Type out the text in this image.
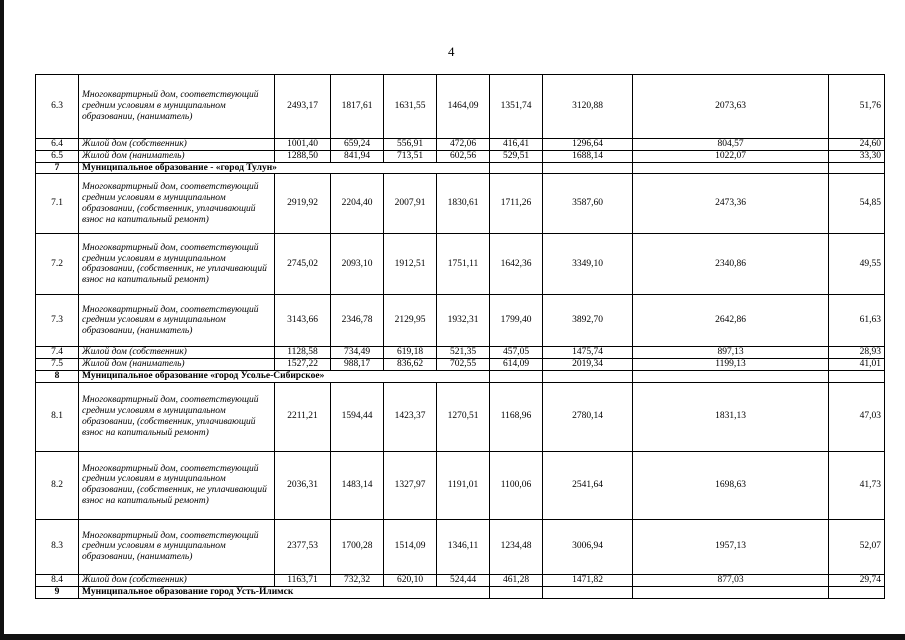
4
6.3	Многоквартирный дом, соответствующий средним условиям в муниципальном образовании, (наниматель)	2493,17	1817,61	1631,55	1464,09	1351,74	3120,88	2073,63	51,76
6.4	Жилой дом (собственник)	1001,40	659,24	556,91	472,06	416,41	1296,64	804,57	24,60
6.5	Жилой дом (наниматель)	1288,50	841,94	713,51	602,56	529,51	1688,14	1022,07	33,30
7	Муниципальное образование - «город Тулун»								
7.1	Многоквартирный дом, соответствующий средним условиям в муниципальном образовании, (собственник, уплачивающий взнос на капитальный ремонт)	2919,92	2204,40	2007,91	1830,61	1711,26	3587,60	2473,36	54,85
7.2	Многоквартирный дом, соответствующий средним условиям в муниципальном образовании, (собственник, не уплачивающий взнос на капитальный ремонт)	2745,02	2093,10	1912,51	1751,11	1642,36	3349,10	2340,86	49,55
7.3	Многоквартирный дом, соответствующий средним условиям в муниципальном образовании, (наниматель)	3143,66	2346,78	2129,95	1932,31	1799,40	3892,70	2642,86	61,63
7.4	Жилой дом (собственник)	1128,58	734,49	619,18	521,35	457,05	1475,74	897,13	28,93
7.5	Жилой дом (наниматель)	1527,22	988,17	836,62	702,55	614,09	2019,34	1199,13	41,01
8	Муниципальное образование «город Усолье-Сибирское»								
8.1	Многоквартирный дом, соответствующий средним условиям в муниципальном образовании, (собственник, уплачивающий взнос на капитальный ремонт)	2211,21	1594,44	1423,37	1270,51	1168,96	2780,14	1831,13	47,03
8.2	Многоквартирный дом, соответствующий средним условиям в муниципальном образовании, (собственник, не уплачивающий взнос на капитальный ремонт)	2036,31	1483,14	1327,97	1191,01	1100,06	2541,64	1698,63	41,73
8.3	Многоквартирный дом, соответствующий средним условиям в муниципальном образовании, (наниматель)	2377,53	1700,28	1514,09	1346,11	1234,48	3006,94	1957,13	52,07
8.4	Жилой дом (собственник)	1163,71	732,32	620,10	524,44	461,28	1471,82	877,03	29,74
9	Муниципальное образование город Усть-Илимск								
